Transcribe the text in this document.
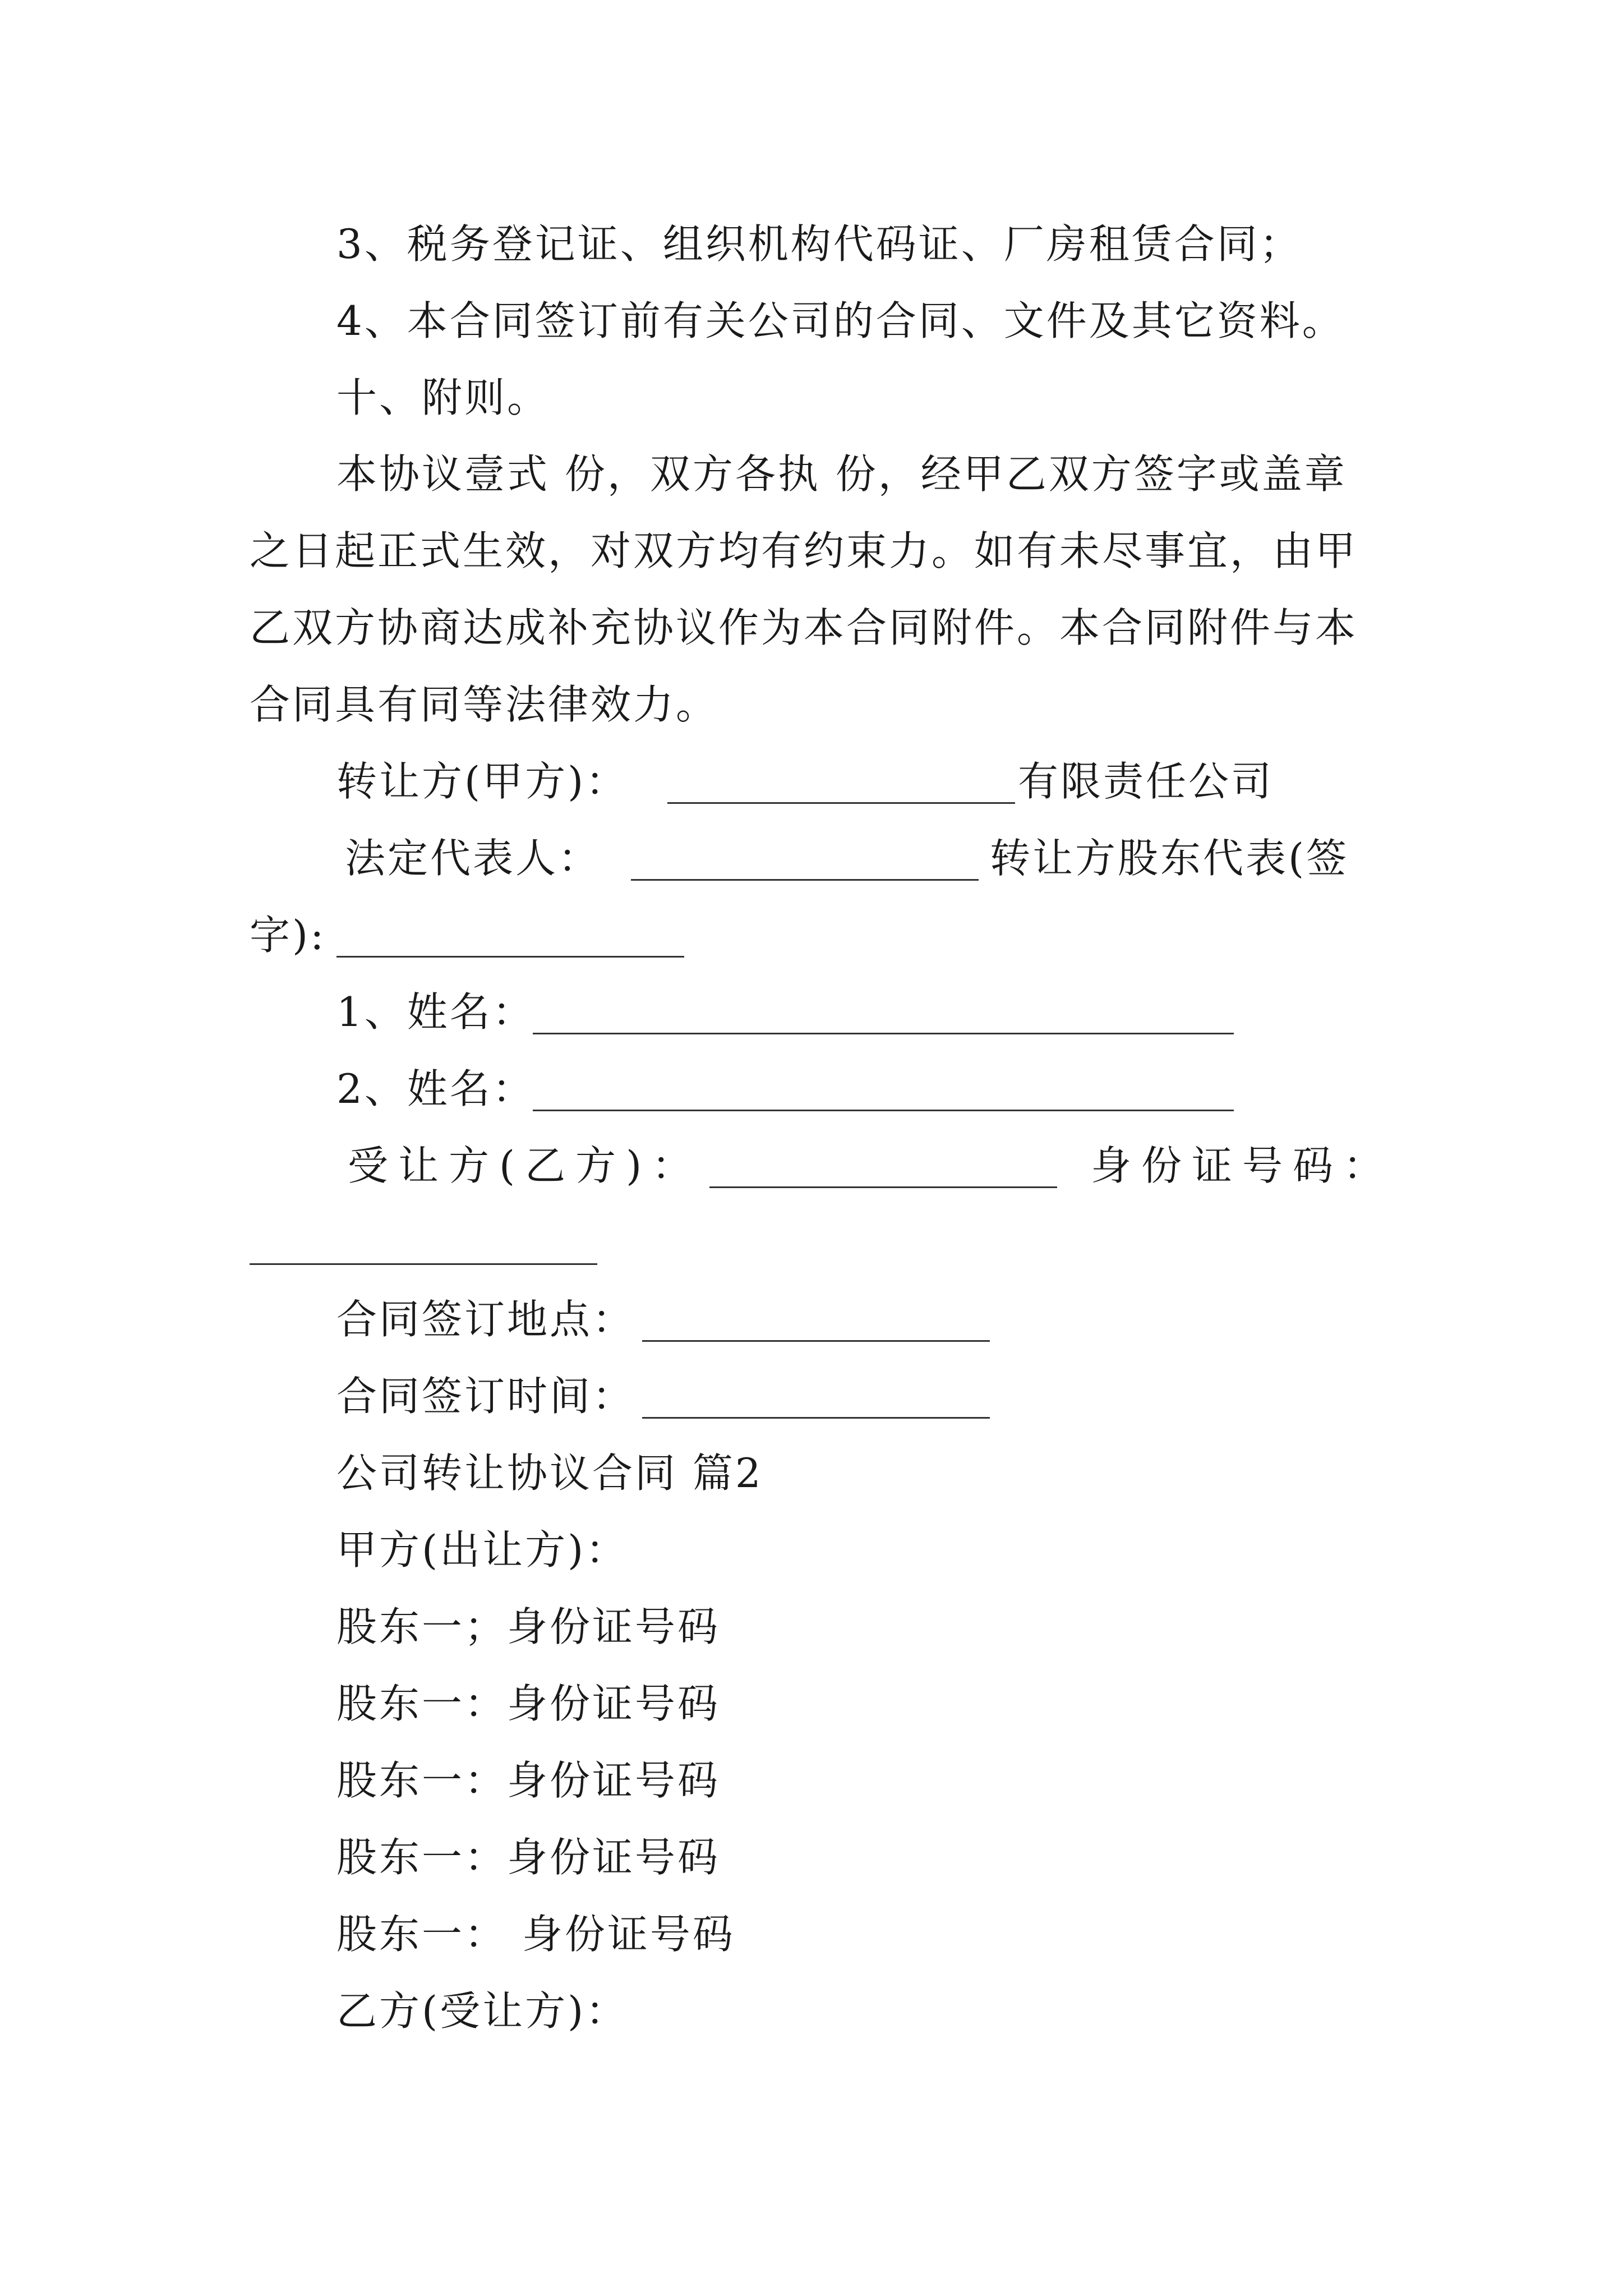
3、税务登记证、组织机构代码证、厂房租赁合同；
4、本合同签订前有关公司的合同、文件及其它资料。
十、附则。
本协议壹式 份，双方各执 份，经甲乙双方签字或盖章
之日起正式生效，对双方均有约束力。如有未尽事宜，由甲
乙双方协商达成补充协议作为本合同附件。本合同附件与本
合同具有同等法律效力。
转让方(甲方)：	有限责任公司
法定代表人：	转让方股东代表(签
字):
1、姓名：
2、姓名：
受让方(乙方)：	身份证号码：
合同签订地点：
合同签订时间：
公司转让协议合同 篇2
甲方(出让方)：
股东一；身份证号码
股东一：身份证号码
股东一：身份证号码
股东一：身份证号码
股东一： 身份证号码
乙方(受让方)：
